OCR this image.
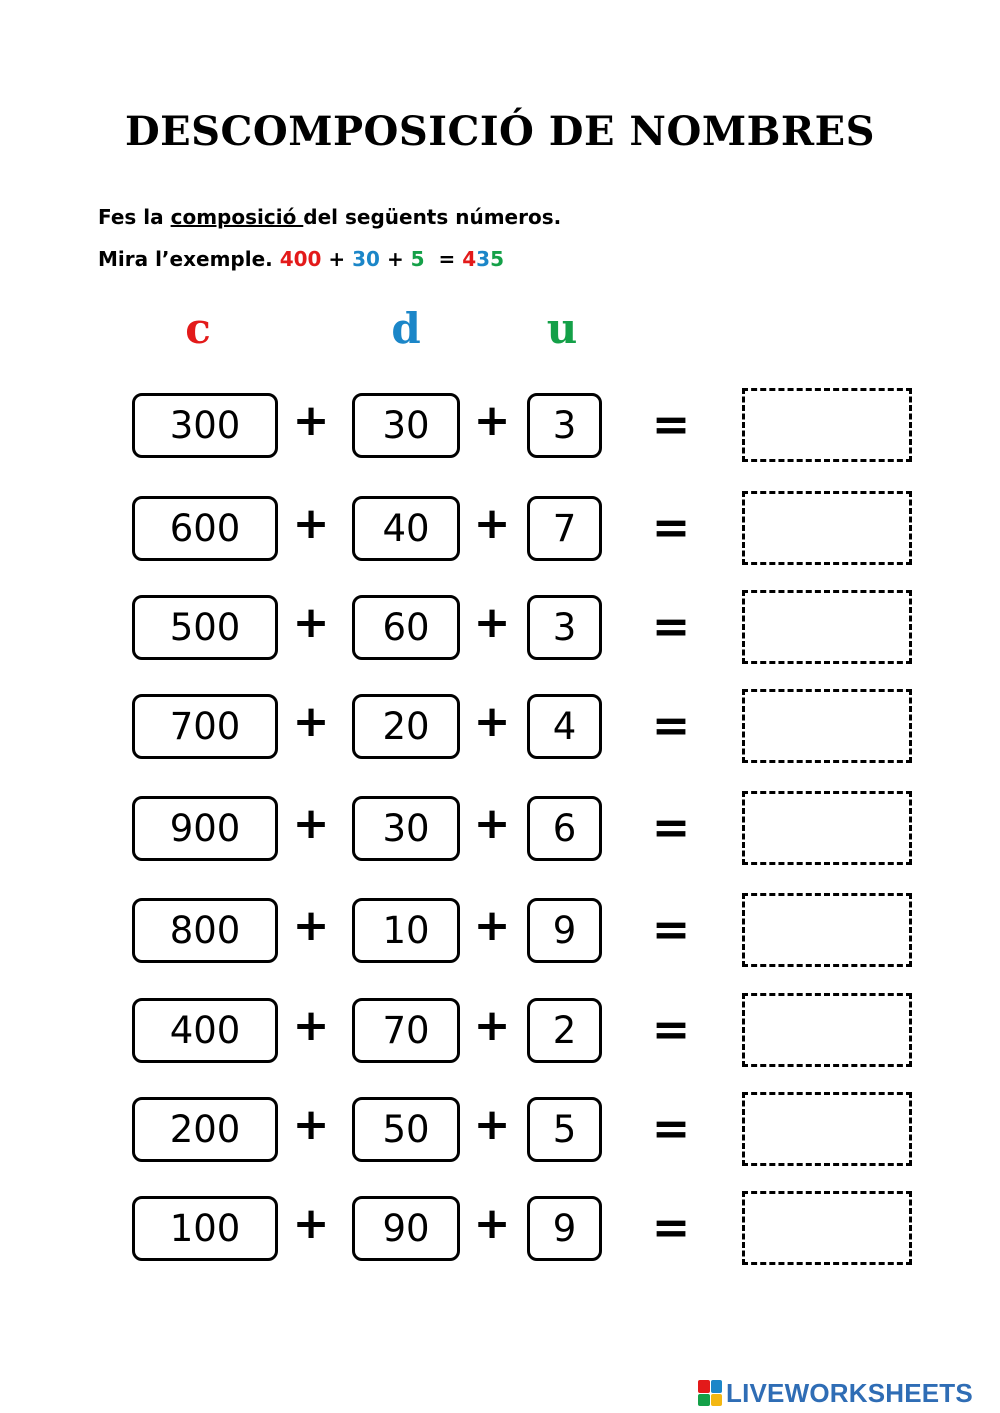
DESCOMPOSICIÓ DE NOMBRES
Fes la composició del següents números.
Mira l’exemple. 400 + 30 + 5  = 435
c	d	u
300	+	30	+	3	=
600	+	40	+	7	=
500	+	60	+	3	=
700	+	20	+	4	=
900	+	30	+	6	=
800	+	10	+	9	=
400	+	70	+	2	=
200	+	50	+	5	=
100	+	90	+	9	=
LIVEWORKSHEETS
